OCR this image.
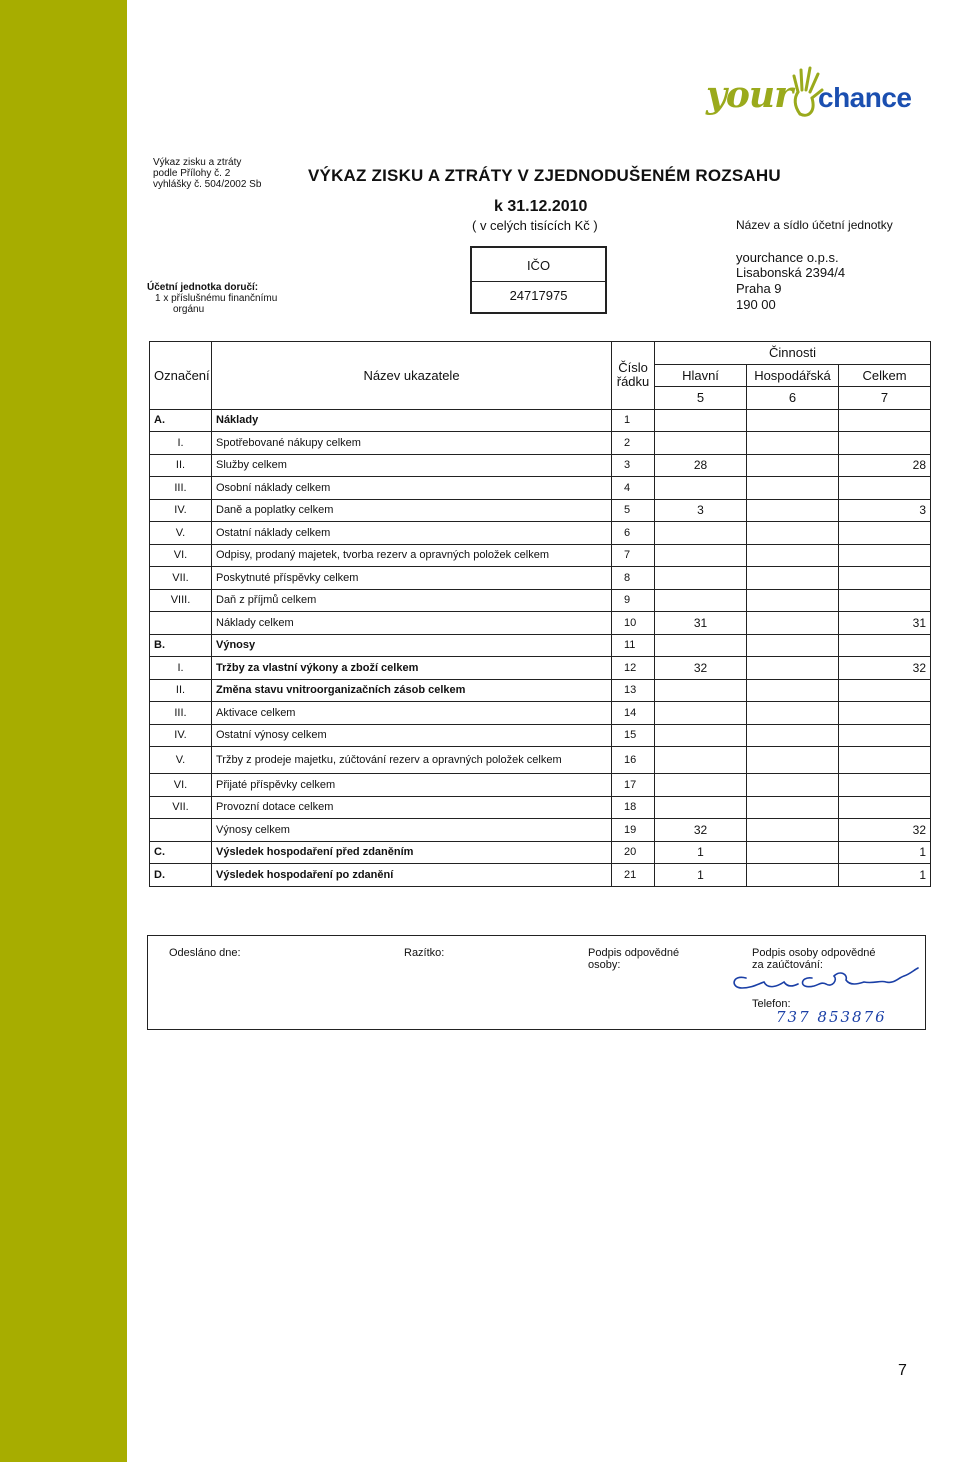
your chance
Výkaz zisku a ztráty
podle Přílohy č. 2
vyhlášky č. 504/2002 Sb
Účetní jednotka doručí:
1 x příslušnému finančnímu
orgánu
VÝKAZ ZISKU A ZTRÁTY V ZJEDNODUŠENÉM ROZSAHU
k 31.12.2010
( v celých tisících Kč )
IČO
24717975
Název a sídlo účetní jednotky
yourchance o.p.s.
Lisabonská 2394/4
Praha 9
190 00
Označení	Název ukazatele	Číslo řádku	Činnosti		
			Hlavní	Hospodářská	Celkem
			5	6	7
A.	Náklady	1			
I.	Spotřebované nákupy celkem	2			
II.	Služby celkem	3	28		28
III.	Osobní náklady celkem	4			
IV.	Daně a poplatky celkem	5	3		3
V.	Ostatní náklady celkem	6			
VI.	Odpisy, prodaný majetek, tvorba rezerv a opravných položek celkem	7			
VII.	Poskytnuté příspěvky celkem	8			
VIII.	Daň z příjmů celkem	9			
	Náklady celkem	10	31		31
B.	Výnosy	11			
I.	Tržby za vlastní výkony a zboží celkem	12	32		32
II.	Změna stavu vnitroorganizačních zásob celkem	13			
III.	Aktivace celkem	14			
IV.	Ostatní výnosy celkem	15			
V.	Tržby z prodeje majetku, zúčtování rezerv a opravných položek celkem	16			
VI.	Přijaté příspěvky celkem	17			
VII.	Provozní dotace celkem	18			
	Výnosy celkem	19	32		32
C.	Výsledek hospodaření před zdaněním	20	1		1
D.	Výsledek hospodaření po zdanění	21	1		1
Odesláno dne:	Razítko:	Podpis odpovědné
osoby:
Podpis osoby odpovědné
za zaúčtování:
Telefon:
737 853876
7
